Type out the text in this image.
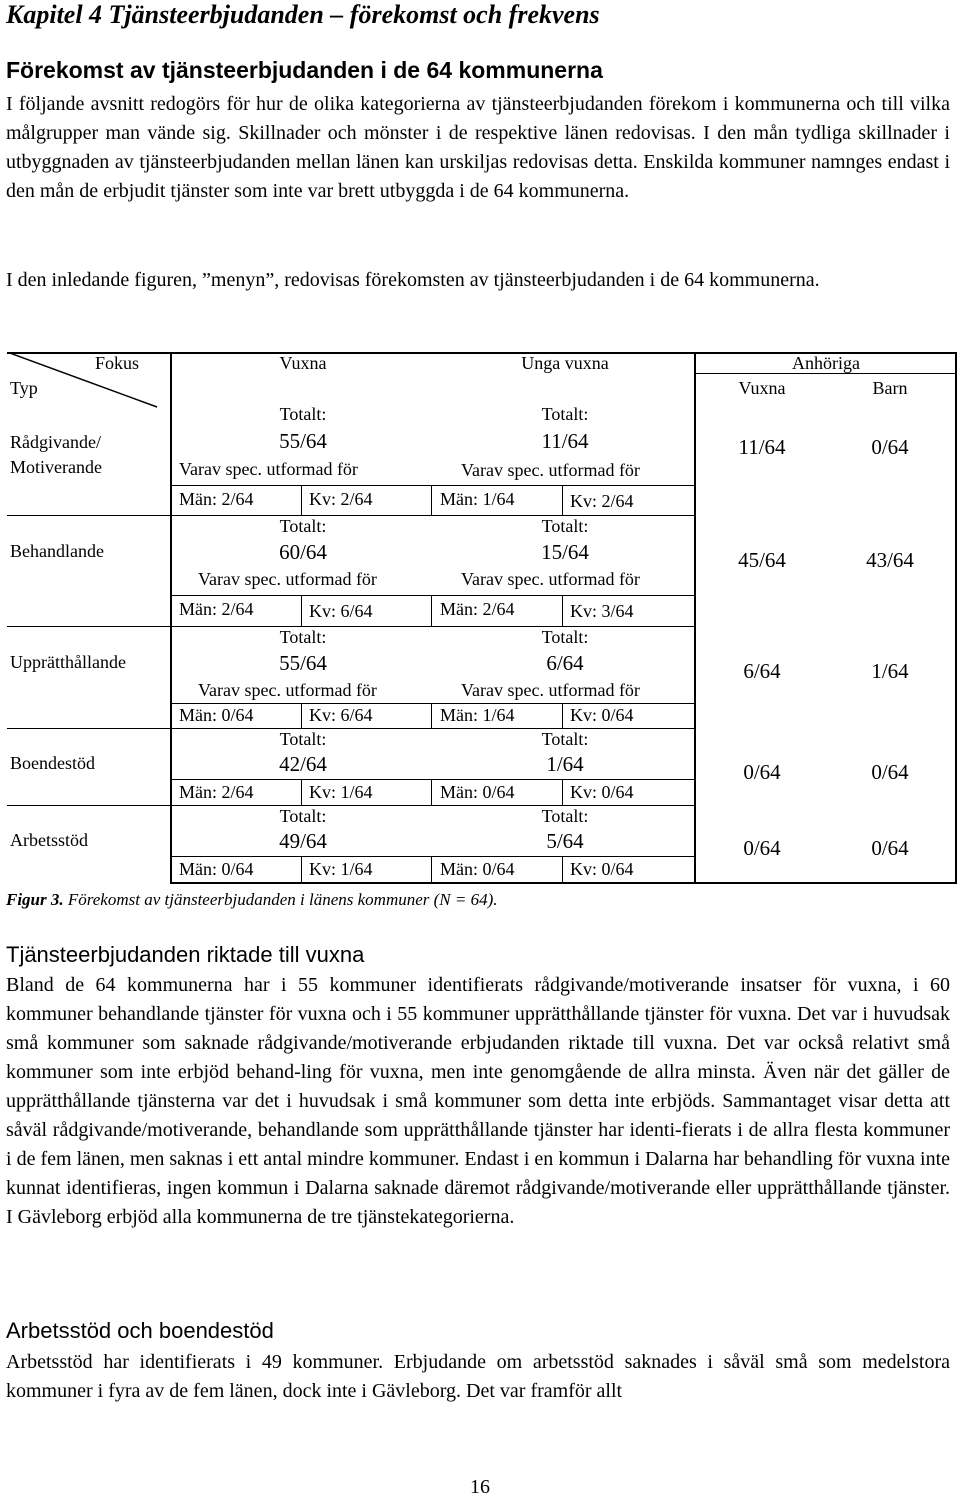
Kapitel 4 Tjänsteerbjudanden – förekomst och frekvens
Förekomst av tjänsteerbjudanden i de 64 kommunerna
I följande avsnitt redogörs för hur de olika kategorierna av tjänsteerbjudanden förekom i kommunerna och till vilka målgrupper man vände sig. Skillnader och mönster i de respektive länen redovisas. I den mån tydliga skillnader i utbyggnaden av tjänsteerbjudanden mellan länen kan urskiljas redovisas detta. Enskilda kommuner namnges endast i den mån de erbjudit tjänster som inte var brett utbyggda i de 64 kommunerna.
I den inledande figuren, ”menyn”, redovisas förekomsten av tjänsteerbjudanden i de 64 kommunerna.
Fokus
Typ
Vuxna	Unga vuxna	Anhöriga
Vuxna	Barn
Rådgivande/
Motiverande
Totalt:
55/64
Varav spec. utformad för
Män: 2/64	Kv: 2/64
Totalt:
11/64
Varav spec. utformad för
Män: 1/64	Kv: 2/64
11/64	0/64
Behandlande
Totalt:
60/64
Varav spec. utformad för
Män: 2/64	Kv: 6/64
Totalt:
15/64
Varav spec. utformad för
Män: 2/64	Kv: 3/64
45/64	43/64
Upprätthållande
Totalt:
55/64
Varav spec. utformad för
Män: 0/64	Kv: 6/64
Totalt:
6/64
Varav spec. utformad för
Män: 1/64	Kv: 0/64
6/64	1/64
Boendestöd
Totalt:
42/64
Män: 2/64	Kv: 1/64
Totalt:
1/64
Män: 0/64	Kv: 0/64
0/64	0/64
Arbetsstöd
Totalt:
49/64
Män: 0/64	Kv: 1/64
Totalt:
5/64
Män: 0/64	Kv: 0/64
0/64	0/64
Figur 3. Förekomst av tjänsteerbjudanden i länens kommuner (N = 64).
Tjänsteerbjudanden riktade till vuxna
Bland de 64 kommunerna har i 55 kommuner identifierats rådgivande/motiverande insatser för vuxna, i 60 kommuner behandlande tjänster för vuxna och i 55 kommuner upprätthållande tjänster för vuxna. Det var i huvudsak små kommuner som saknade rådgivande/motiverande erbjudanden riktade till vuxna. Det var också relativt små kommuner som inte erbjöd behand-ling för vuxna, men inte genomgående de allra minsta. Även när det gäller de upprätthållande tjänsterna var det i huvudsak i små kommuner som detta inte erbjöds. Sammantaget visar detta att såväl rådgivande/motiverande, behandlande som upprätthållande tjänster har identi-fierats i de allra flesta kommuner i de fem länen, men saknas i ett antal mindre kommuner. Endast i en kommun i Dalarna har behandling för vuxna inte kunnat identifieras, ingen kommun i Dalarna saknade däremot rådgivande/motiverande eller upprätthållande tjänster. I Gävleborg erbjöd alla kommunerna de tre tjänstekategorierna.
Arbetsstöd och boendestöd
Arbetsstöd har identifierats i 49 kommuner. Erbjudande om arbetsstöd saknades i såväl små som medelstora kommuner i fyra av de fem länen, dock inte i Gävleborg. Det var framför allt
16
